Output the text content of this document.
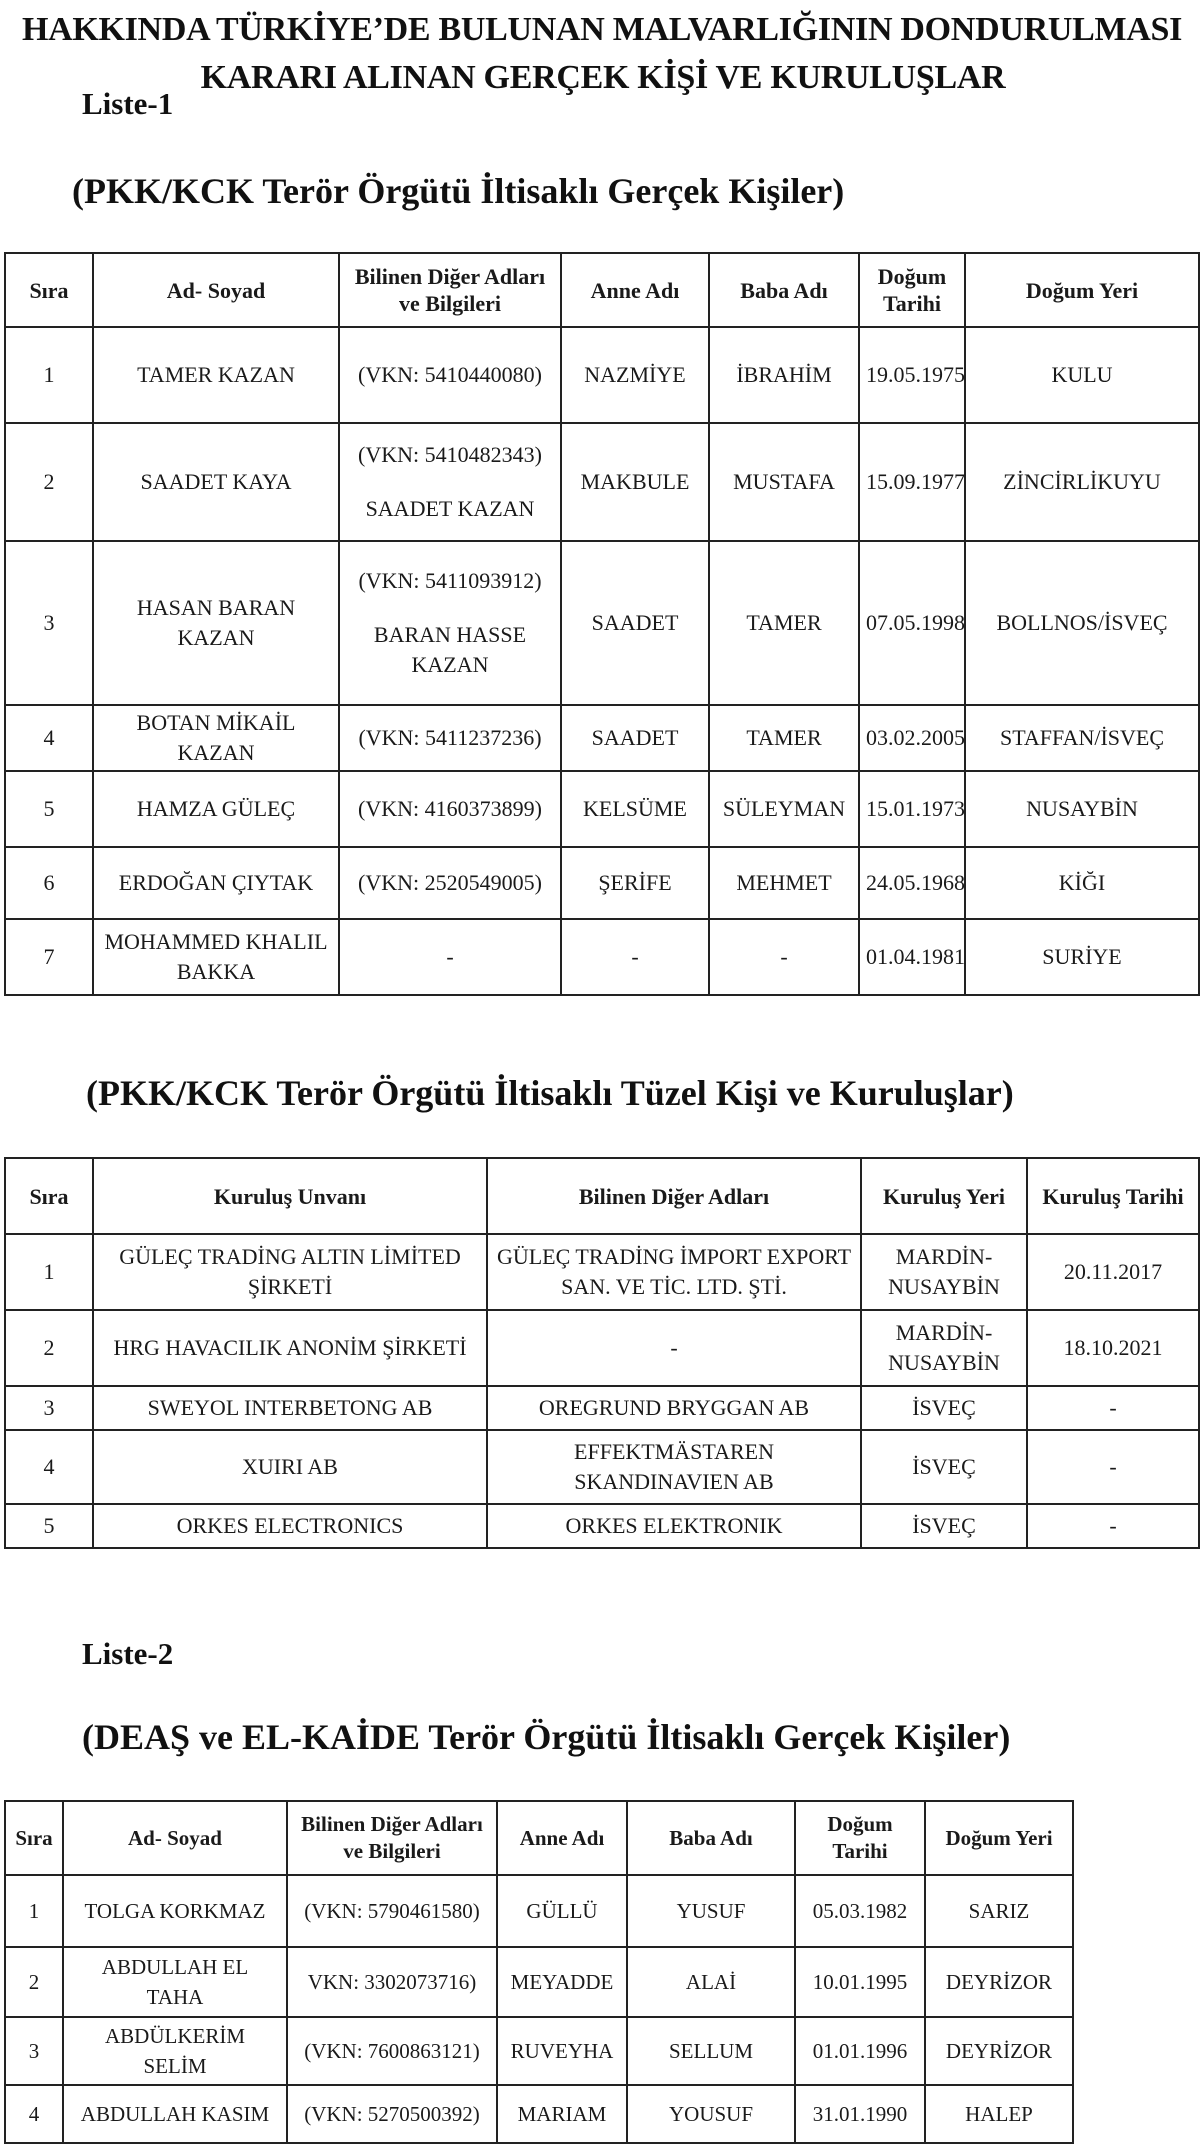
HAKKINDA TÜRKİYE’DE BULUNAN MALVARLIĞININ DONDURULMASI
KARARI ALINAN GERÇEK KİŞİ VE KURULUŞLAR
Liste-1
(PKK/KCK Terör Örgütü İltisaklı Gerçek Kişiler)
Sıra	Ad- Soyad	Bilinen Diğer Adları
ve Bilgileri	Anne Adı	Baba Adı	Doğum
Tarihi	Doğum Yeri
1	TAMER KAZAN	(VKN: 5410440080)	NAZMİYE	İBRAHİM	19.05.1975	KULU
2	SAADET KAYA	(VKN: 5410482343)
SAADET KAZAN	MAKBULE	MUSTAFA	15.09.1977	ZİNCİRLİKUYU
3	HASAN BARAN
KAZAN	(VKN: 5411093912)
BARAN HASSE
KAZAN	SAADET	TAMER	07.05.1998	BOLLNOS/İSVEÇ
4	BOTAN MİKAİL
KAZAN	(VKN: 5411237236)	SAADET	TAMER	03.02.2005	STAFFAN/İSVEÇ
5	HAMZA GÜLEÇ	(VKN: 4160373899)	KELSÜME	SÜLEYMAN	15.01.1973	NUSAYBİN
6	ERDOĞAN ÇIYTAK	(VKN: 2520549005)	ŞERİFE	MEHMET	24.05.1968	KİĞI
7	MOHAMMED KHALIL
BAKKA	-	-	-	01.04.1981	SURİYE
(PKK/KCK Terör Örgütü İltisaklı Tüzel Kişi ve Kuruluşlar)
Sıra	Kuruluş Unvanı	Bilinen Diğer Adları	Kuruluş Yeri	Kuruluş Tarihi
1	GÜLEÇ TRADİNG ALTIN LİMİTED
ŞİRKETİ	GÜLEÇ TRADİNG İMPORT EXPORT
SAN. VE TİC. LTD. ŞTİ.	MARDİN-
NUSAYBİN	20.11.2017
2	HRG HAVACILIK ANONİM ŞİRKETİ	-	MARDİN-
NUSAYBİN	18.10.2021
3	SWEYOL INTERBETONG AB	OREGRUND BRYGGAN AB	İSVEÇ	-
4	XUIRI AB	EFFEKTMÄSTAREN
SKANDINAVIEN AB	İSVEÇ	-
5	ORKES ELECTRONICS	ORKES ELEKTRONIK	İSVEÇ	-
Liste-2
(DEAŞ ve EL-KAİDE Terör Örgütü İltisaklı Gerçek Kişiler)
Sıra	Ad- Soyad	Bilinen Diğer Adları
ve Bilgileri	Anne Adı	Baba Adı	Doğum
Tarihi	Doğum Yeri
1	TOLGA KORKMAZ	(VKN: 5790461580)	GÜLLÜ	YUSUF	05.03.1982	SARIZ
2	ABDULLAH EL
TAHA	VKN: 3302073716)	MEYADDE	ALAİ	10.01.1995	DEYRİZOR
3	ABDÜLKERİM
SELİM	(VKN: 7600863121)	RUVEYHA	SELLUM	01.01.1996	DEYRİZOR
4	ABDULLAH KASIM	(VKN: 5270500392)	MARIAM	YOUSUF	31.01.1990	HALEP
